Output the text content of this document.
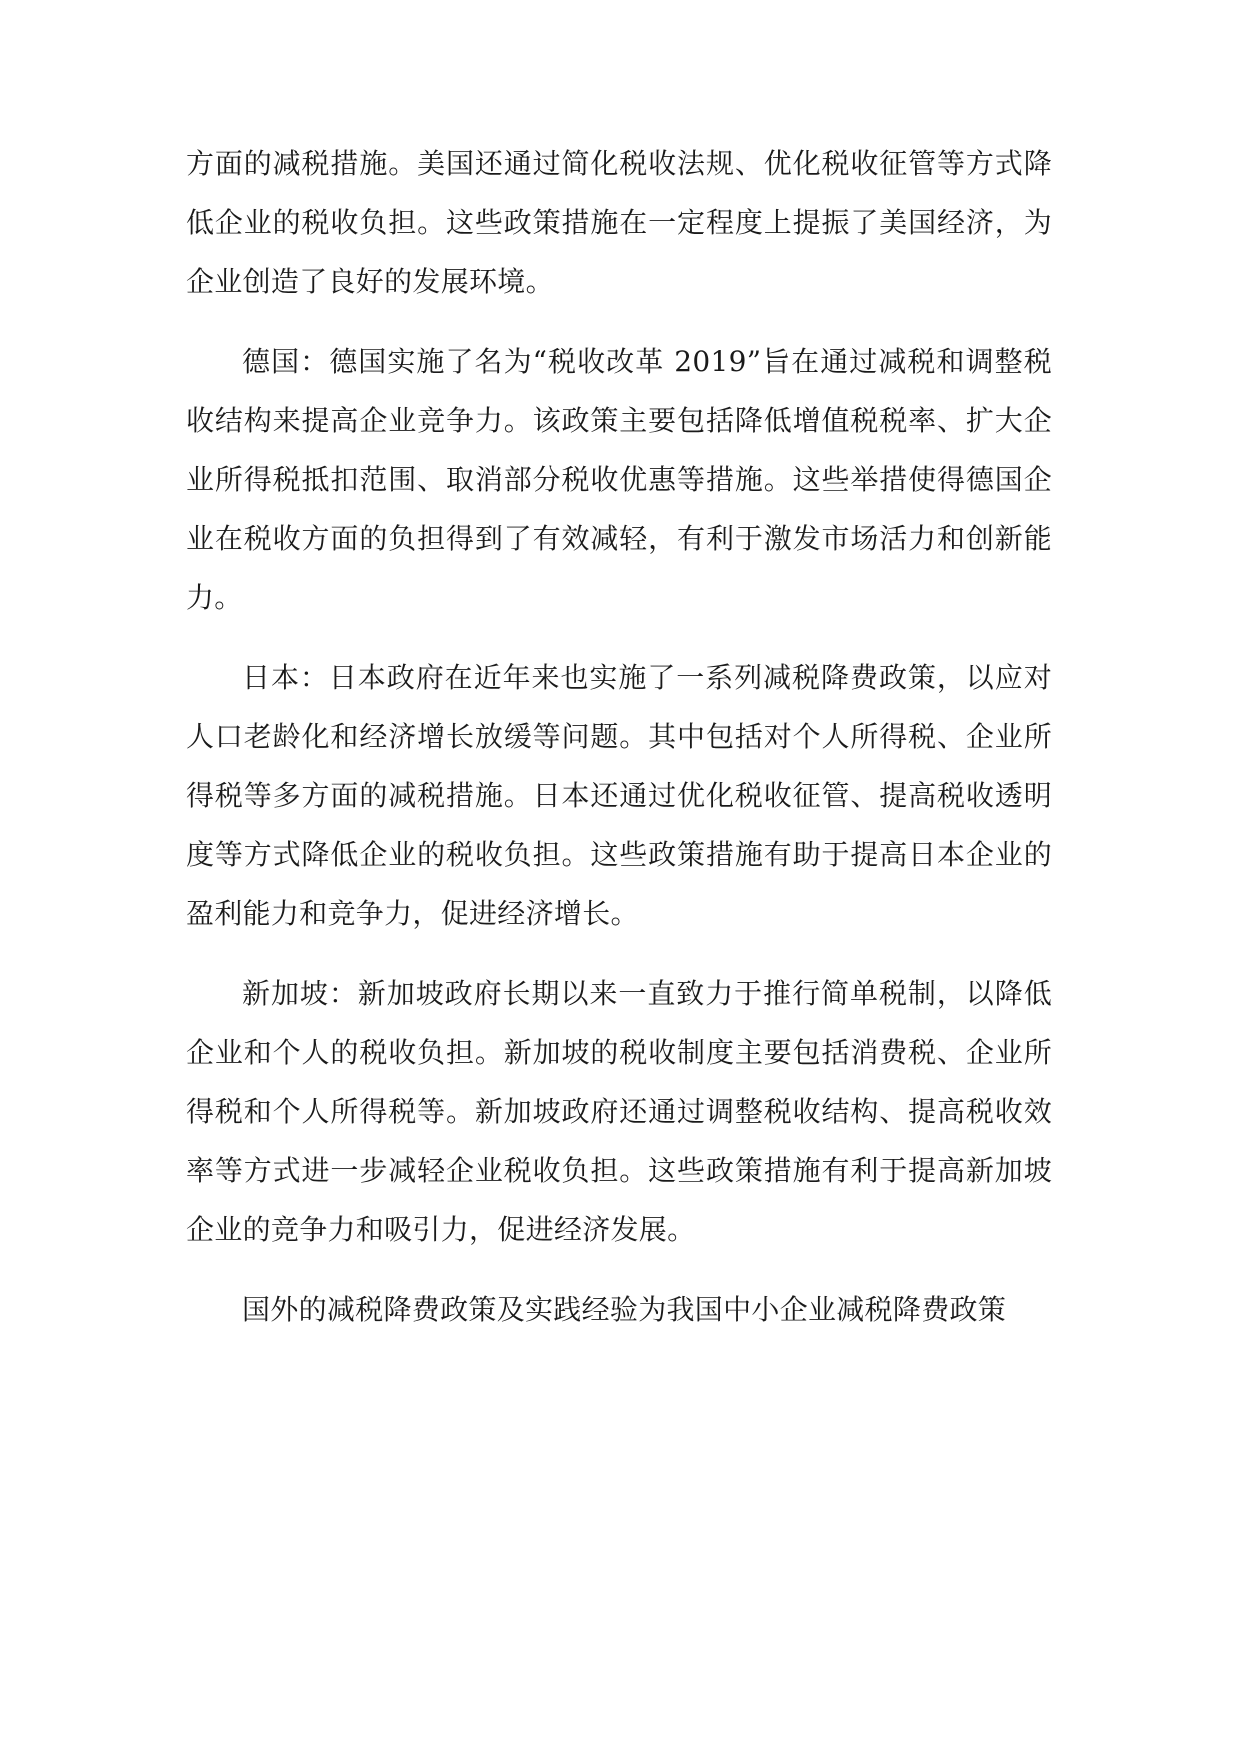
方面的减税措施。美国还通过简化税收法规、优化税收征管等方式降低企业的税收负担。这些政策措施在一定程度上提振了美国经济，为企业创造了良好的发展环境。

德国：德国实施了名为“税收改革 2019”旨在通过减税和调整税收结构来提高企业竞争力。该政策主要包括降低增值税税率、扩大企业所得税抵扣范围、取消部分税收优惠等措施。这些举措使得德国企业在税收方面的负担得到了有效减轻，有利于激发市场活力和创新能力。

日本：日本政府在近年来也实施了一系列减税降费政策，以应对人口老龄化和经济增长放缓等问题。其中包括对个人所得税、企业所得税等多方面的减税措施。日本还通过优化税收征管、提高税收透明度等方式降低企业的税收负担。这些政策措施有助于提高日本企业的盈利能力和竞争力，促进经济增长。

新加坡：新加坡政府长期以来一直致力于推行简单税制，以降低企业和个人的税收负担。新加坡的税收制度主要包括消费税、企业所得税和个人所得税等。新加坡政府还通过调整税收结构、提高税收效率等方式进一步减轻企业税收负担。这些政策措施有利于提高新加坡企业的竞争力和吸引力，促进经济发展。

国外的减税降费政策及实践经验为我国中小企业减税降费政策
